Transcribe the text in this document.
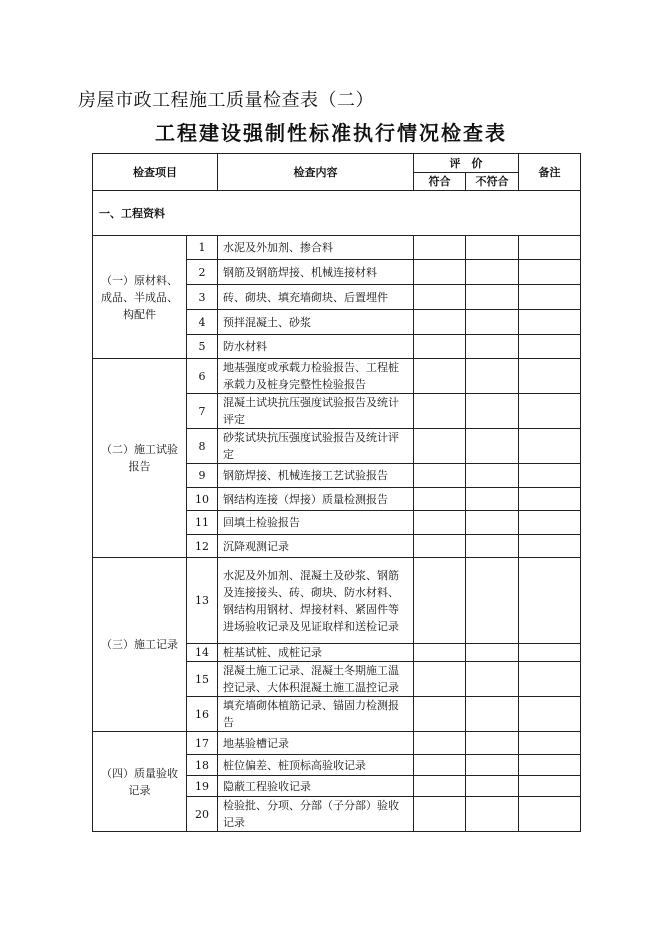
房屋市政工程施工质量检查表（二）
工程建设强制性标准执行情况检查表
检查项目		检查内容	评　价		备注
			符合	不符合	
一、工程资料					
（一）原材料、成品、半成品、构配件	1	水泥及外加剂、掺合料			
	2	钢筋及钢筋焊接、机械连接材料			
	3	砖、砌块、填充墙砌块、后置埋件			
	4	预拌混凝土、砂浆			
	5	防水材料			
（二）施工试验报告	6	地基强度或承载力检验报告、工程桩承载力及桩身完整性检验报告			
	7	混凝土试块抗压强度试验报告及统计评定			
	8	砂浆试块抗压强度试验报告及统计评定			
	9	钢筋焊接、机械连接工艺试验报告			
	10	钢结构连接（焊接）质量检测报告			
	11	回填土检验报告			
	12	沉降观测记录			
（三）施工记录	13	水泥及外加剂、混凝土及砂浆、钢筋及连接接头、砖、砌块、防水材料、钢结构用钢材、焊接材料、紧固件等进场验收记录及见证取样和送检记录			
	14	桩基试桩、成桩记录			
	15	混凝土施工记录、混凝土冬期施工温控记录、大体积混凝土施工温控记录			
	16	填充墙砌体植筋记录、锚固力检测报告			
（四）质量验收记录	17	地基验槽记录			
	18	桩位偏差、桩顶标高验收记录			
	19	隐蔽工程验收记录			
	20	检验批、分项、分部（子分部）验收记录			
